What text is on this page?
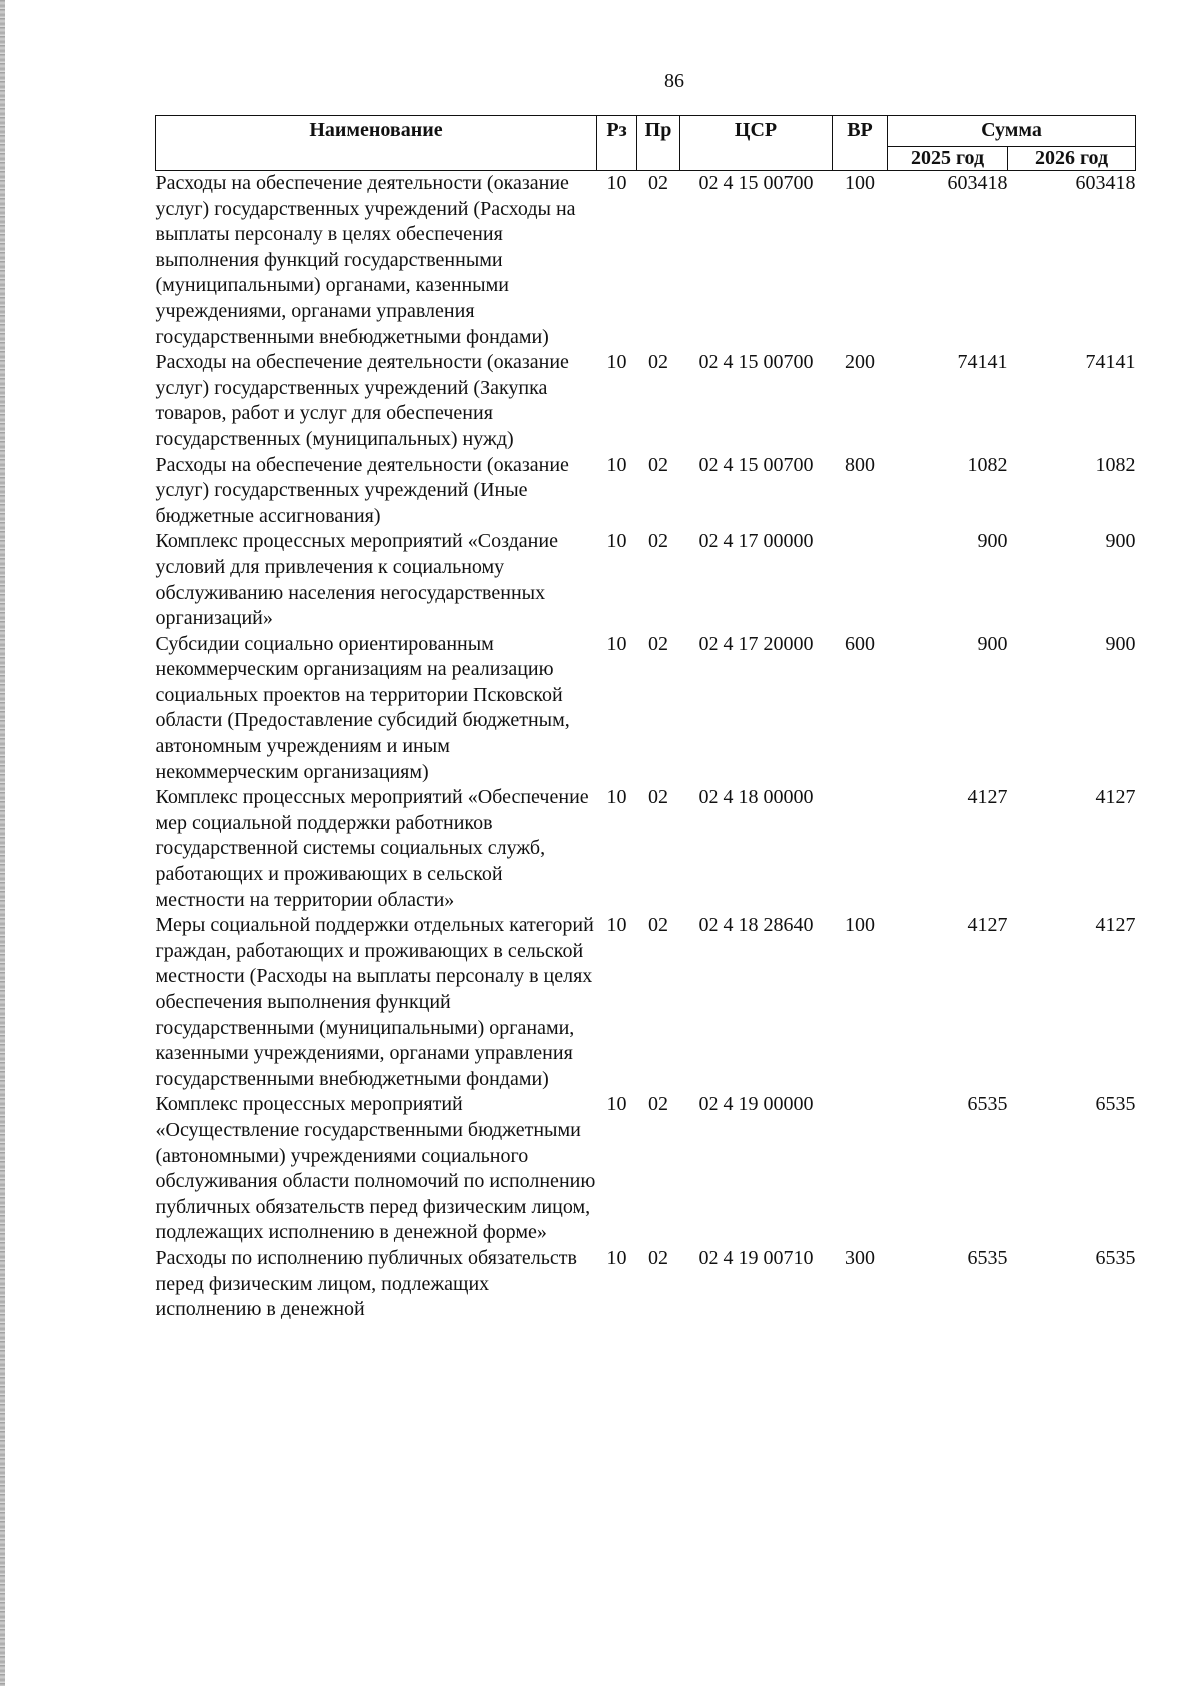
86
Наименование	Рз	Пр	ЦСР	ВР	Сумма	
					2025 год	2026 год
Расходы на обеспечение деятельности (оказание услуг) государственных учреждений (Расходы на выплаты персоналу в целях обеспечения выполнения функций государственными (муниципальными) органами, казенными учреждениями, органами управления государственными внебюджетными фондами)	10	02	02 4 15 00700	100	603418	603418
Расходы на обеспечение деятельности (оказание услуг) государственных учреждений (Закупка товаров, работ и услуг для обеспечения государственных (муниципальных) нужд)	10	02	02 4 15 00700	200	74141	74141
Расходы на обеспечение деятельности (оказание услуг) государственных учреждений (Иные бюджетные ассигнования)	10	02	02 4 15 00700	800	1082	1082
Комплекс процессных мероприятий «Создание условий для привлечения к социальному обслуживанию населения негосударственных организаций»	10	02	02 4 17 00000		900	900
Субсидии социально ориентированным некоммерческим организациям на реализацию социальных проектов на территории Псковской области (Предоставление субсидий бюджетным, автономным учреждениям и иным некоммерческим организациям)	10	02	02 4 17 20000	600	900	900
Комплекс процессных мероприятий «Обеспечение мер социальной поддержки работников государственной системы социальных служб, работающих и проживающих в сельской местности на территории области»	10	02	02 4 18 00000		4127	4127
Меры социальной поддержки отдельных категорий граждан, работающих и проживающих в сельской местности (Расходы на выплаты персоналу в целях обеспечения выполнения функций государственными (муниципальными) органами, казенными учреждениями, органами управления государственными внебюджетными фондами)	10	02	02 4 18 28640	100	4127	4127
Комплекс процессных мероприятий «Осуществление государственными бюджетными (автономными) учреждениями социального обслуживания области полномочий по исполнению публичных обязательств перед физическим лицом, подлежащих исполнению в денежной форме»	10	02	02 4 19 00000		6535	6535
Расходы по исполнению публичных обязательств перед физическим лицом, подлежащих исполнению в денежной	10	02	02 4 19 00710	300	6535	6535
